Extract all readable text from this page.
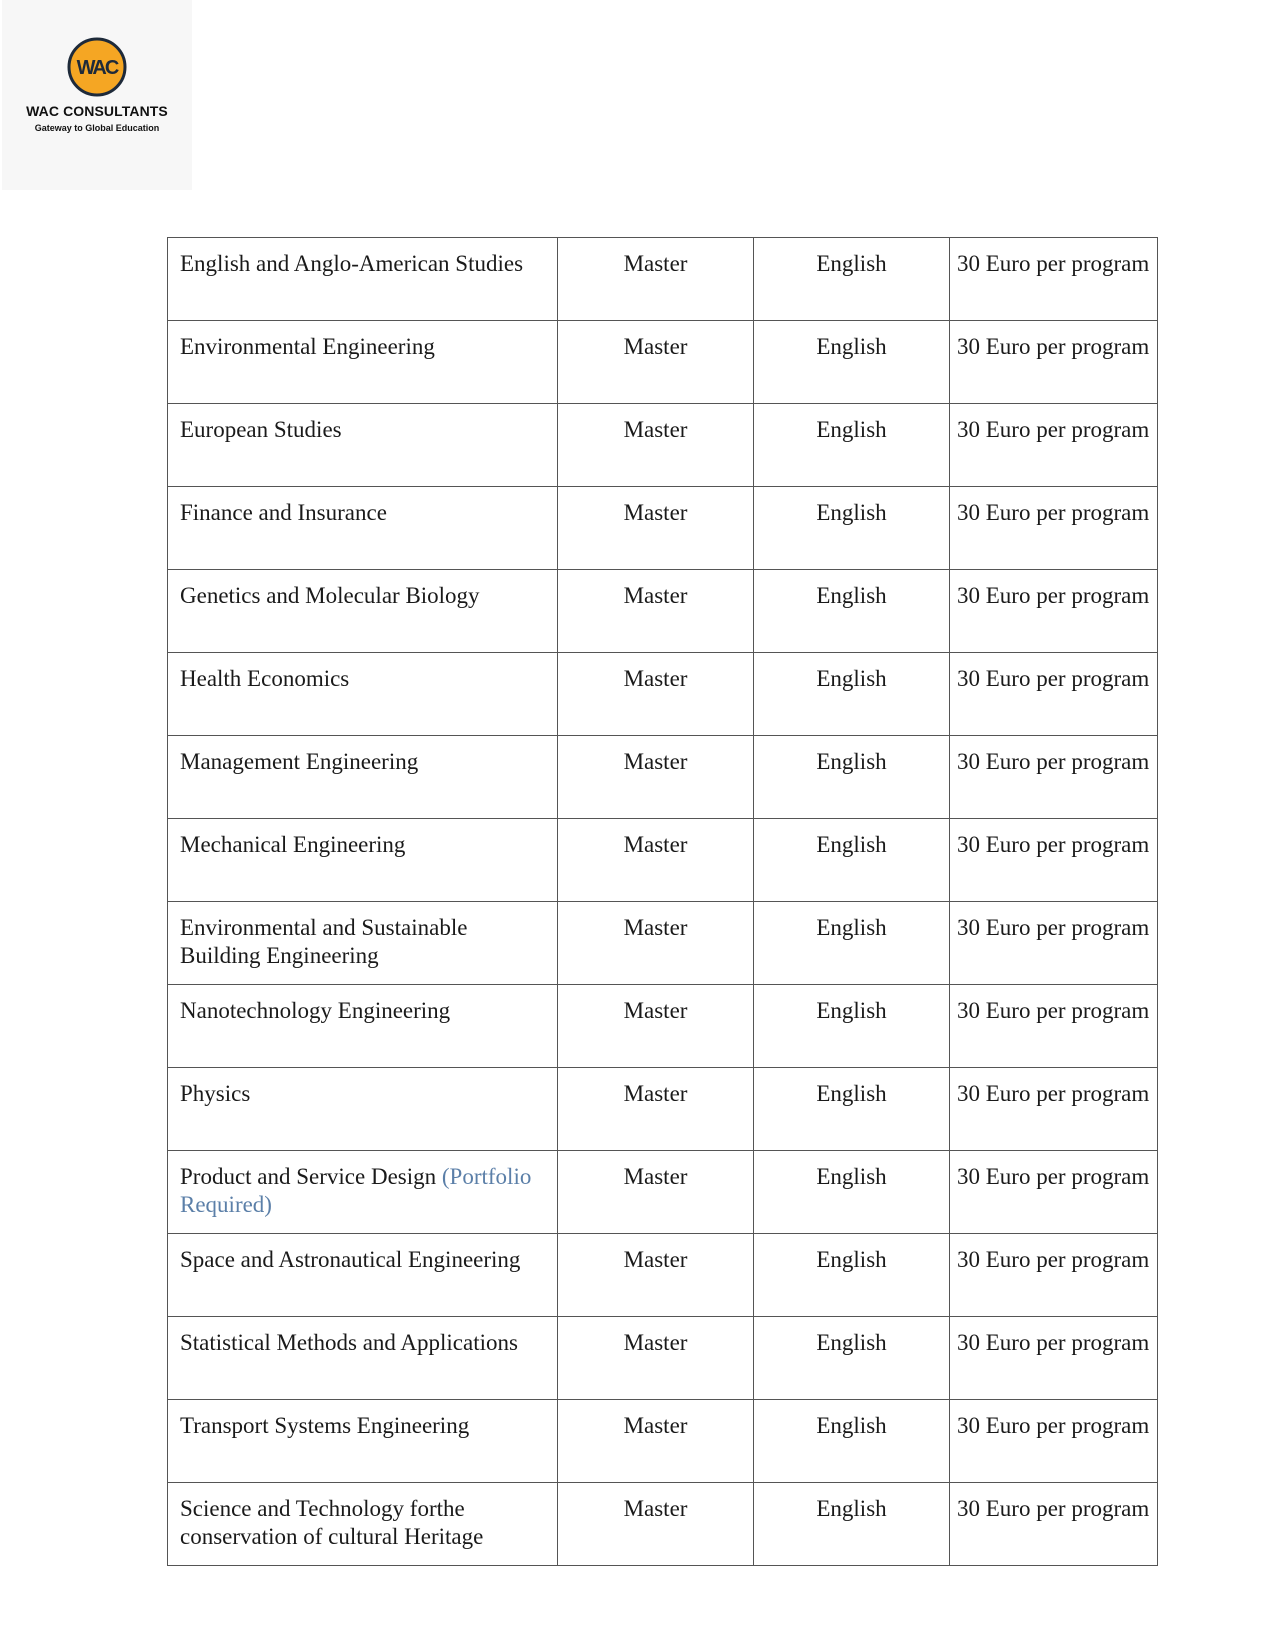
WAC
WAC CONSULTANTS
Gateway to Global Education
English and Anglo-American Studies	Master	English	30 Euro per program
Environmental Engineering	Master	English	30 Euro per program
European Studies	Master	English	30 Euro per program
Finance and Insurance	Master	English	30 Euro per program
Genetics and Molecular Biology	Master	English	30 Euro per program
Health Economics	Master	English	30 Euro per program
Management Engineering	Master	English	30 Euro per program
Mechanical Engineering	Master	English	30 Euro per program
Environmental and Sustainable Building Engineering	Master	English	30 Euro per program
Nanotechnology Engineering	Master	English	30 Euro per program
Physics	Master	English	30 Euro per program
Product and Service Design (Portfolio Required)	Master	English	30 Euro per program
Space and Astronautical Engineering	Master	English	30 Euro per program
Statistical Methods and Applications	Master	English	30 Euro per program
Transport Systems Engineering	Master	English	30 Euro per program
Science and Technology forthe conservation of cultural Heritage	Master	English	30 Euro per program
